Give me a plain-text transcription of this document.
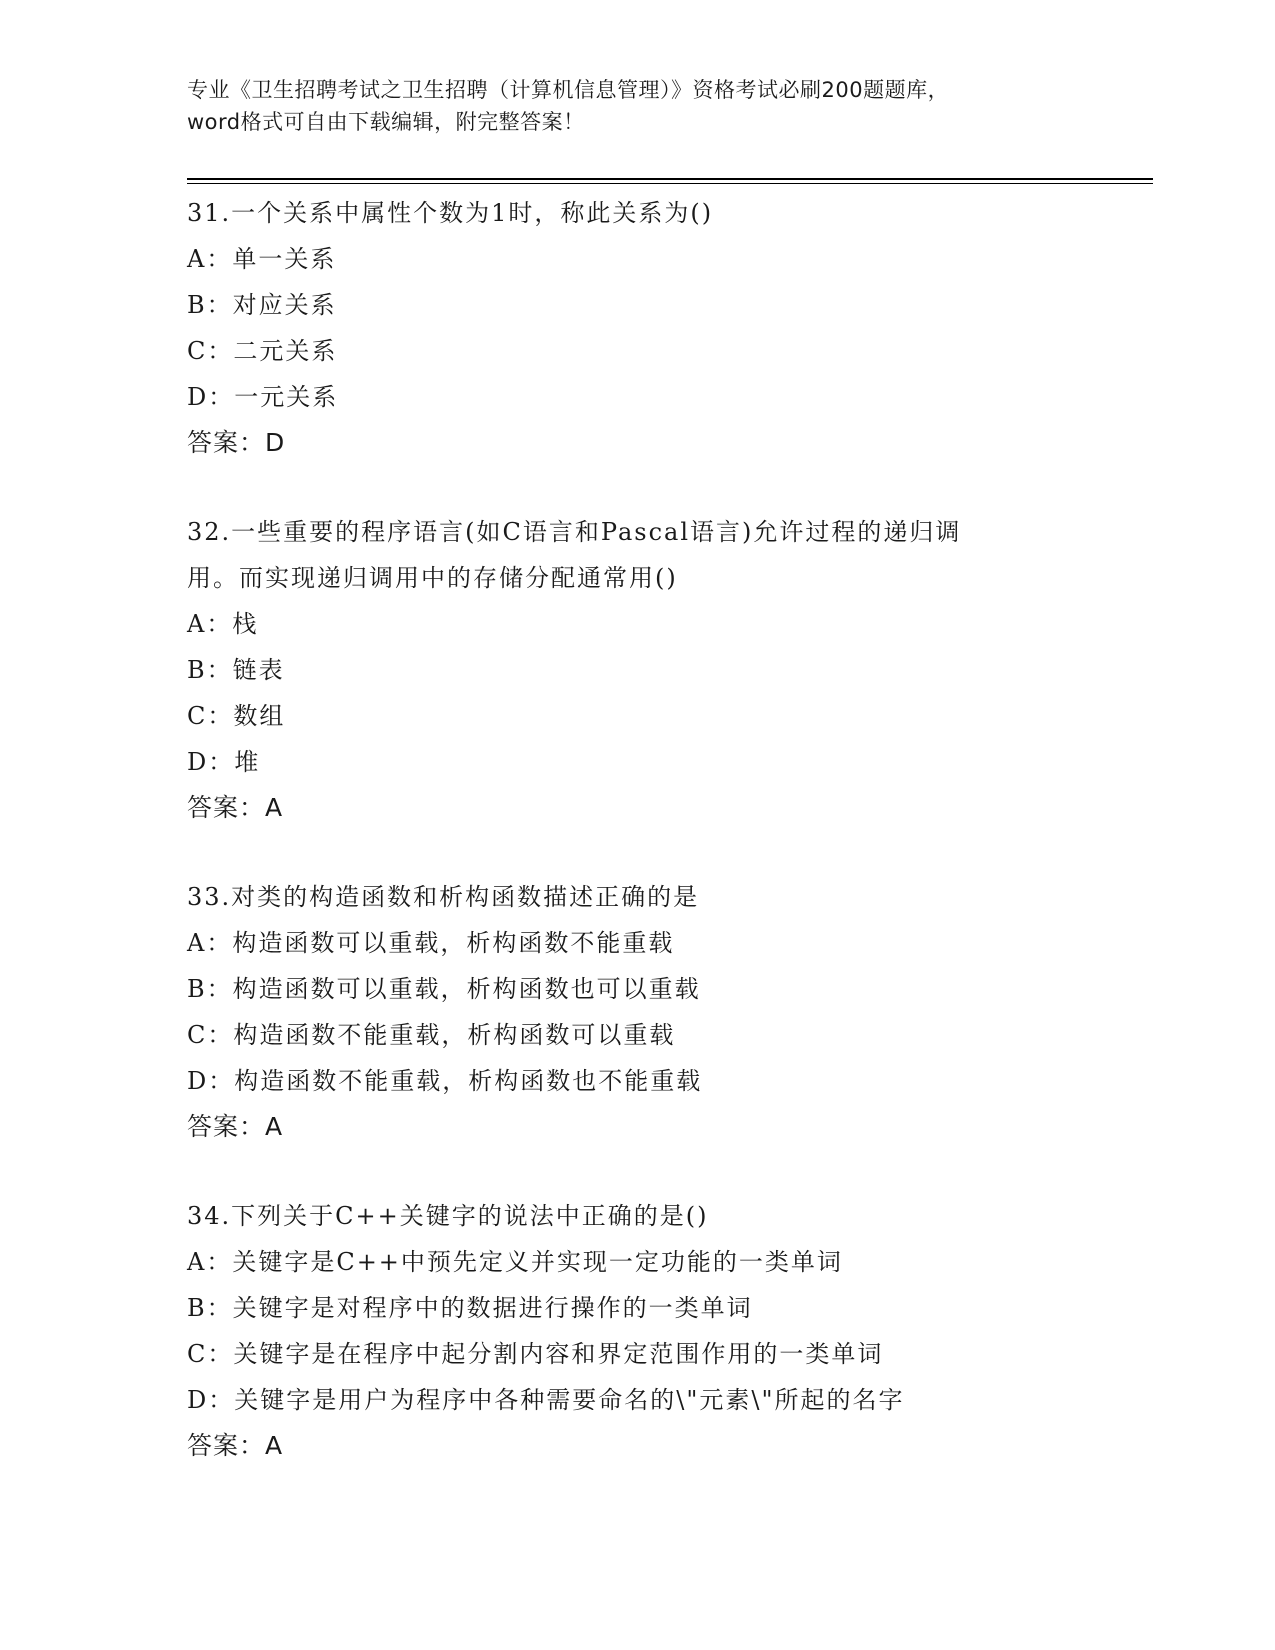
专业《卫生招聘考试之卫生招聘（计算机信息管理）》资格考试必刷200题题库，

word格式可自由下载编辑，附完整答案！

31.一个关系中属性个数为1时，称此关系为()
A：单一关系
B：对应关系
C：二元关系
D：一元关系
答案：D
32.一些重要的程序语言(如C语言和Pascal语言)允许过程的递归调
用。而实现递归调用中的存储分配通常用()
A：栈
B：链表
C：数组
D：堆
答案：A
33.对类的构造函数和析构函数描述正确的是
A：构造函数可以重载，析构函数不能重载
B：构造函数可以重载，析构函数也可以重载
C：构造函数不能重载，析构函数可以重载
D：构造函数不能重载，析构函数也不能重载
答案：A
34.下列关于C++关键字的说法中正确的是()
A：关键字是C++中预先定义并实现一定功能的一类单词
B：关键字是对程序中的数据进行操作的一类单词
C：关键字是在程序中起分割内容和界定范围作用的一类单词
D：关键字是用户为程序中各种需要命名的\"元素\"所起的名字
答案：A
